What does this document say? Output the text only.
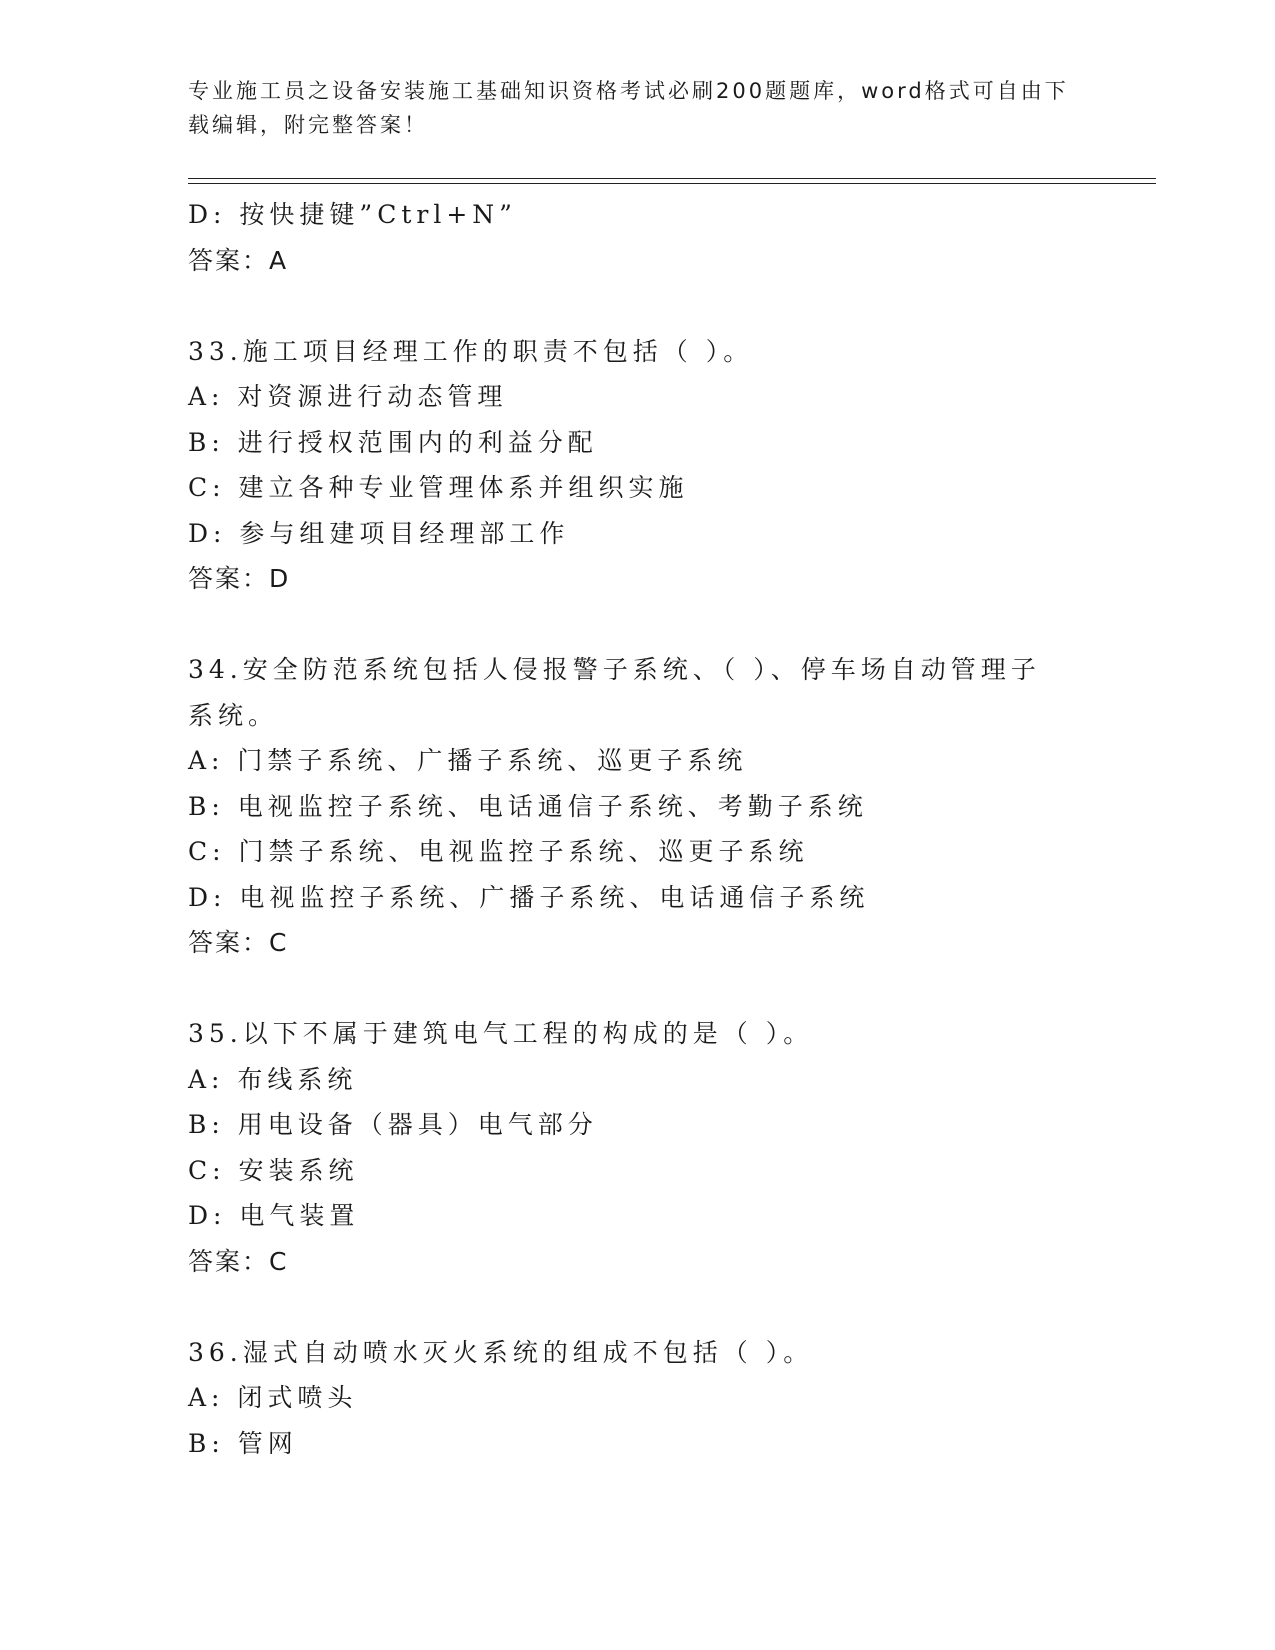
专业施工员之设备安装施工基础知识资格考试必刷200题题库，word格式可自由下载编辑，附完整答案！
D: 按快捷键”Ctrl+N”
答案：A
33.施工项目经理工作的职责不包括（ ）。
A: 对资源进行动态管理
B: 进行授权范围内的利益分配
C: 建立各种专业管理体系并组织实施
D: 参与组建项目经理部工作
答案：D
34.安全防范系统包括人侵报警子系统、（ ）、停车场自动管理子系统。
A: 门禁子系统、广播子系统、巡更子系统
B: 电视监控子系统、电话通信子系统、考勤子系统
C: 门禁子系统、电视监控子系统、巡更子系统
D: 电视监控子系统、广播子系统、电话通信子系统
答案：C
35.以下不属于建筑电气工程的构成的是（ ）。
A: 布线系统
B: 用电设备（器具）电气部分
C: 安装系统
D: 电气装置
答案：C
36.湿式自动喷水灭火系统的组成不包括（ ）。
A: 闭式喷头
B: 管网
